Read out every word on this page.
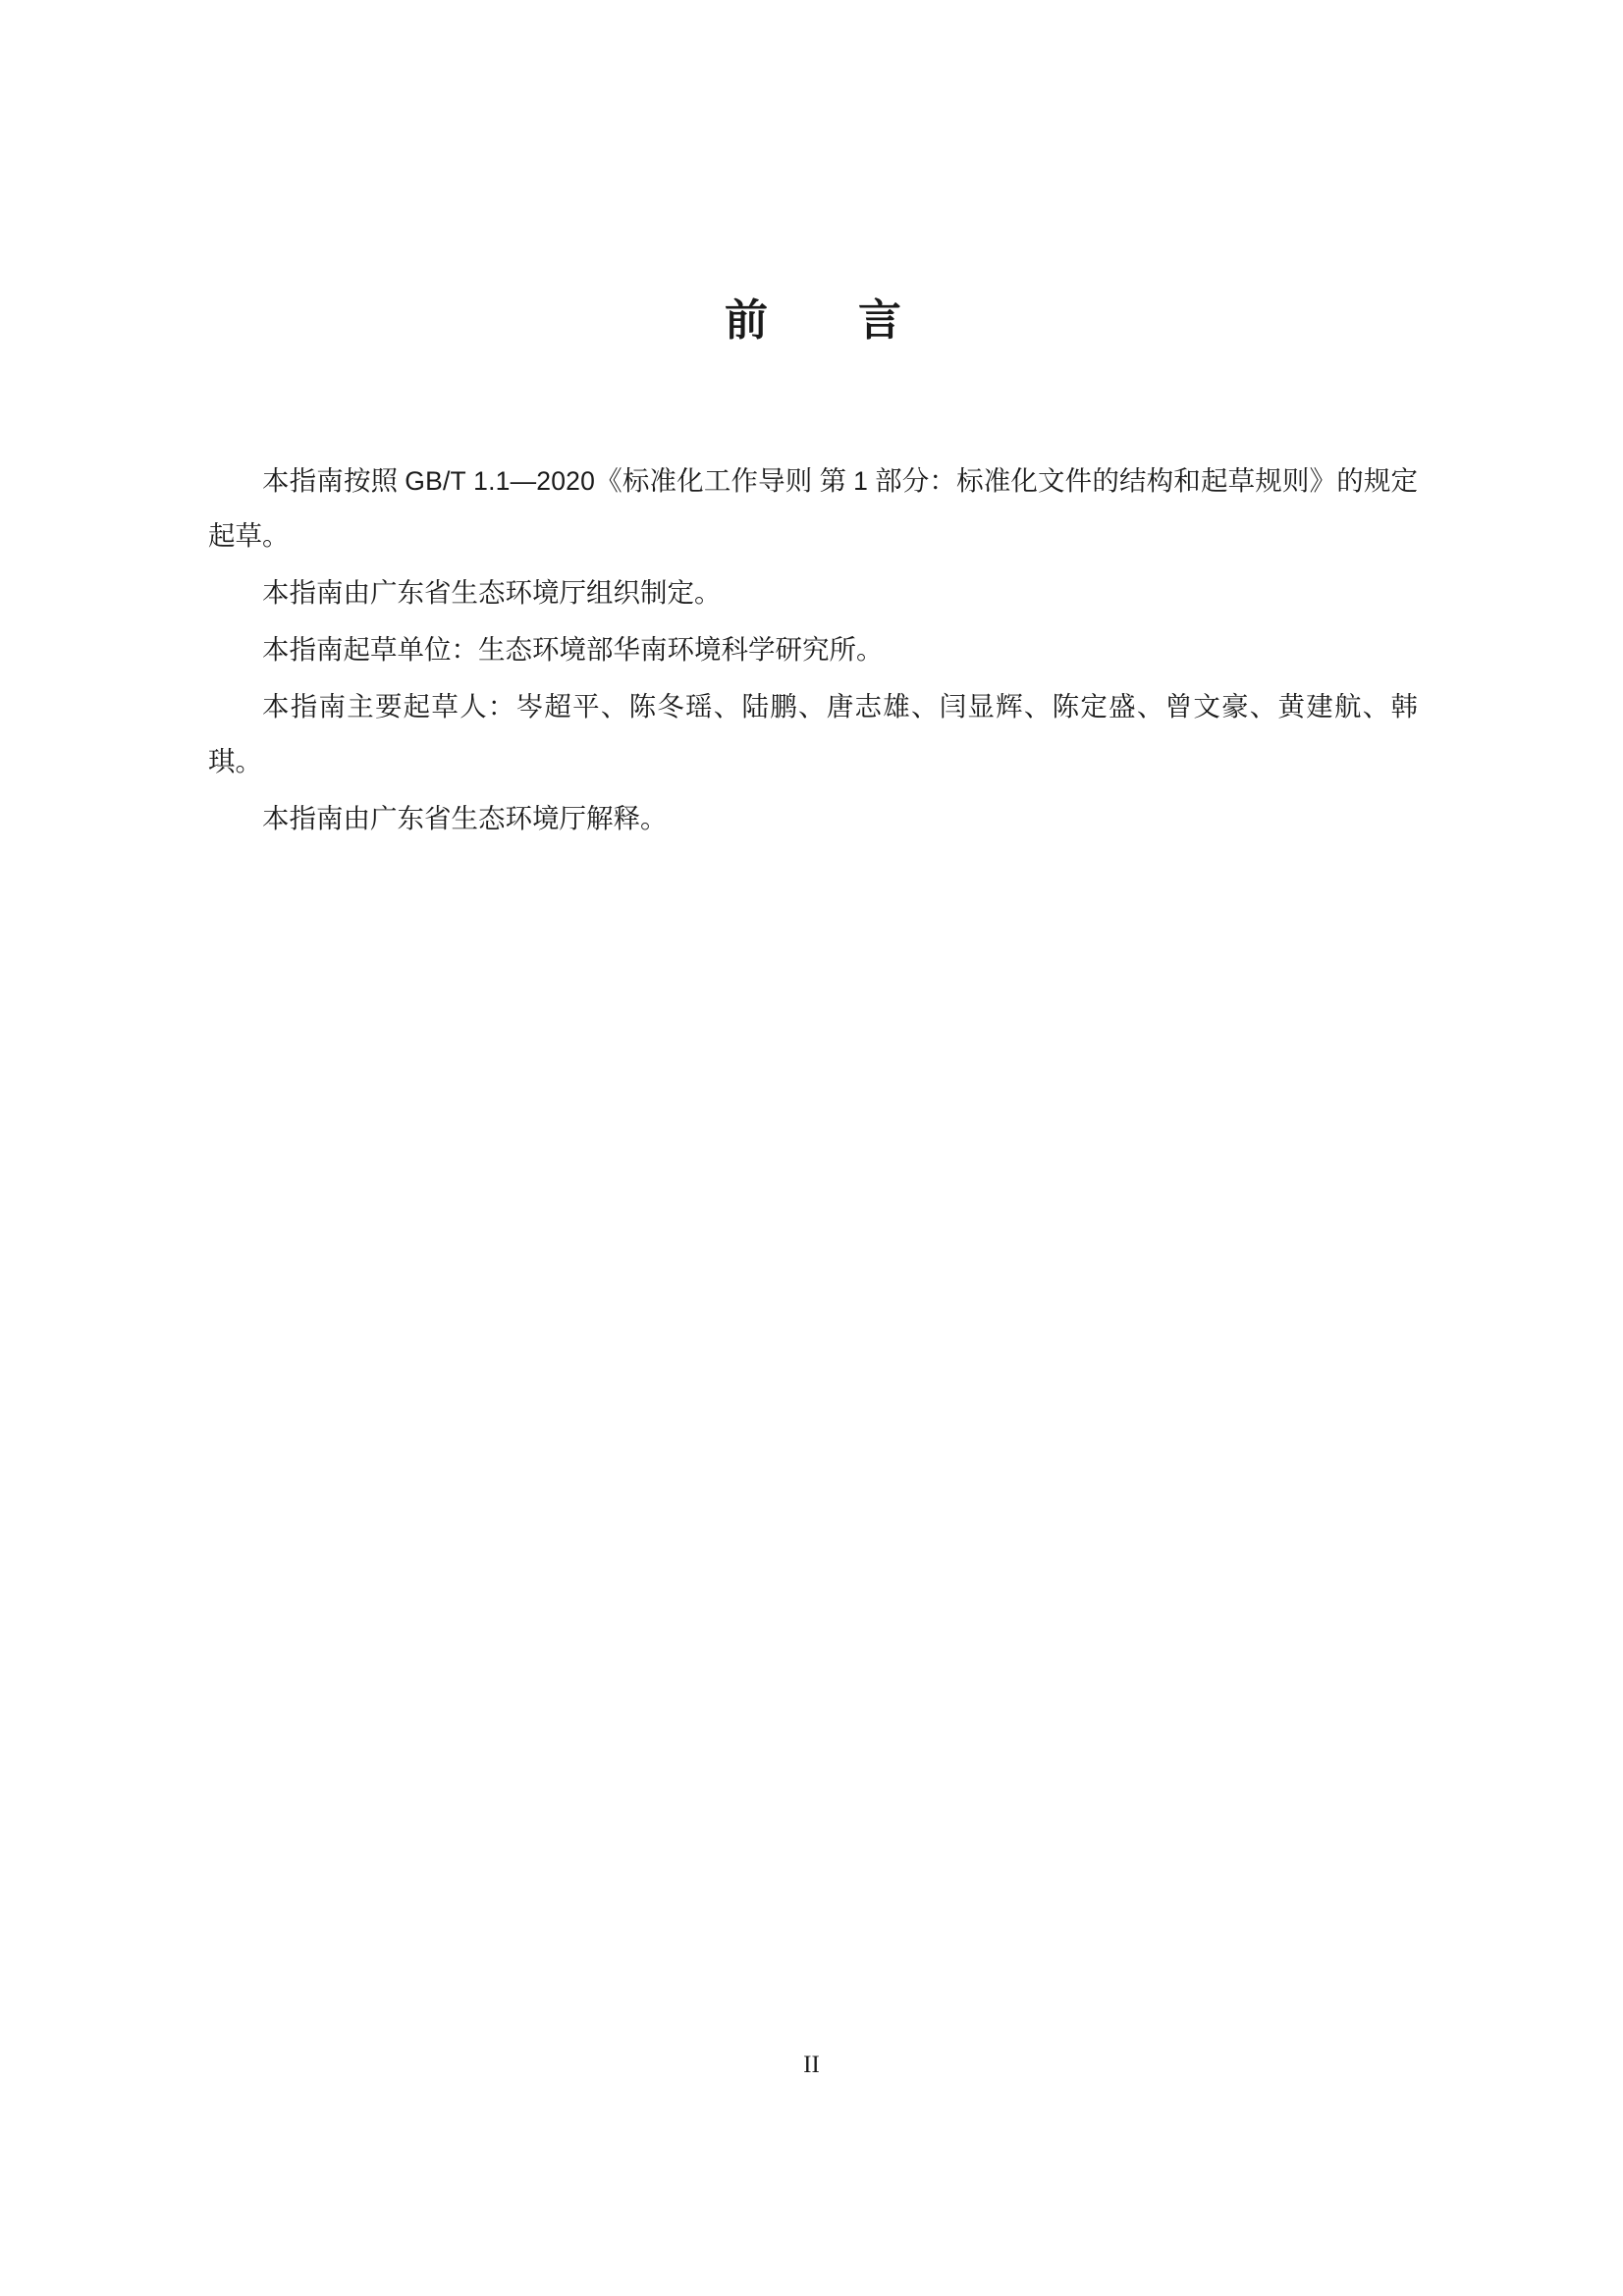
前　言

本指南按照 GB/T 1.1—2020《标准化工作导则 第 1 部分：标准化文件的结构和起草规则》的规定起草。

本指南由广东省生态环境厅组织制定。

本指南起草单位：生态环境部华南环境科学研究所。

本指南主要起草人：岑超平、陈冬瑶、陆鹏、唐志雄、闫显辉、陈定盛、曾文豪、黄建航、韩琪。

本指南由广东省生态环境厅解释。

II
